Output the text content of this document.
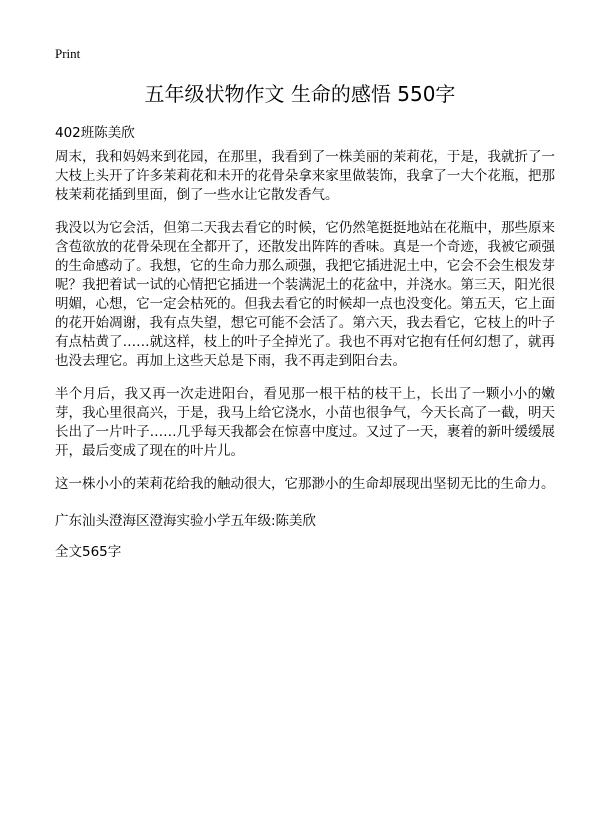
Print
五年级状物作文 生命的感悟 550字
402班陈美欣

周末，我和妈妈来到花园，在那里，我看到了一株美丽的茉莉花，于是，我就折了一大枝上头开了许多茉莉花和未开的花骨朵拿来家里做装饰，我拿了一大个花瓶，把那枝茉莉花插到里面，倒了一些水让它散发香气。

我没以为它会活，但第二天我去看它的时候，它仍然笔挺挺地站在花瓶中，那些原来含苞欲放的花骨朵现在全都开了，还散发出阵阵的香味。真是一个奇迹，我被它顽强的生命感动了。我想，它的生命力那么顽强，我把它插进泥土中，它会不会生根发芽呢？我把着试一试的心情把它插进一个装满泥土的花盆中，并浇水。第三天，阳光很明媚，心想，它一定会枯死的。但我去看它的时候却一点也没变化。第五天，它上面的花开始凋谢，我有点失望，想它可能不会活了。第六天，我去看它，它枝上的叶子有点枯黄了……就这样，枝上的叶子全掉光了。我也不再对它抱有任何幻想了，就再也没去理它。再加上这些天总是下雨，我不再走到阳台去。

半个月后，我又再一次走进阳台，看见那一根干枯的枝干上，长出了一颗小小的嫩芽，我心里很高兴，于是，我马上给它浇水，小苗也很争气，今天长高了一截，明天长出了一片叶子……几乎每天我都会在惊喜中度过。又过了一天，裹着的新叶缓缓展开，最后变成了现在的叶片儿。

这一株小小的茉莉花给我的触动很大，它那渺小的生命却展现出坚韧无比的生命力。

广东汕头澄海区澄海实验小学五年级:陈美欣
全文565字
